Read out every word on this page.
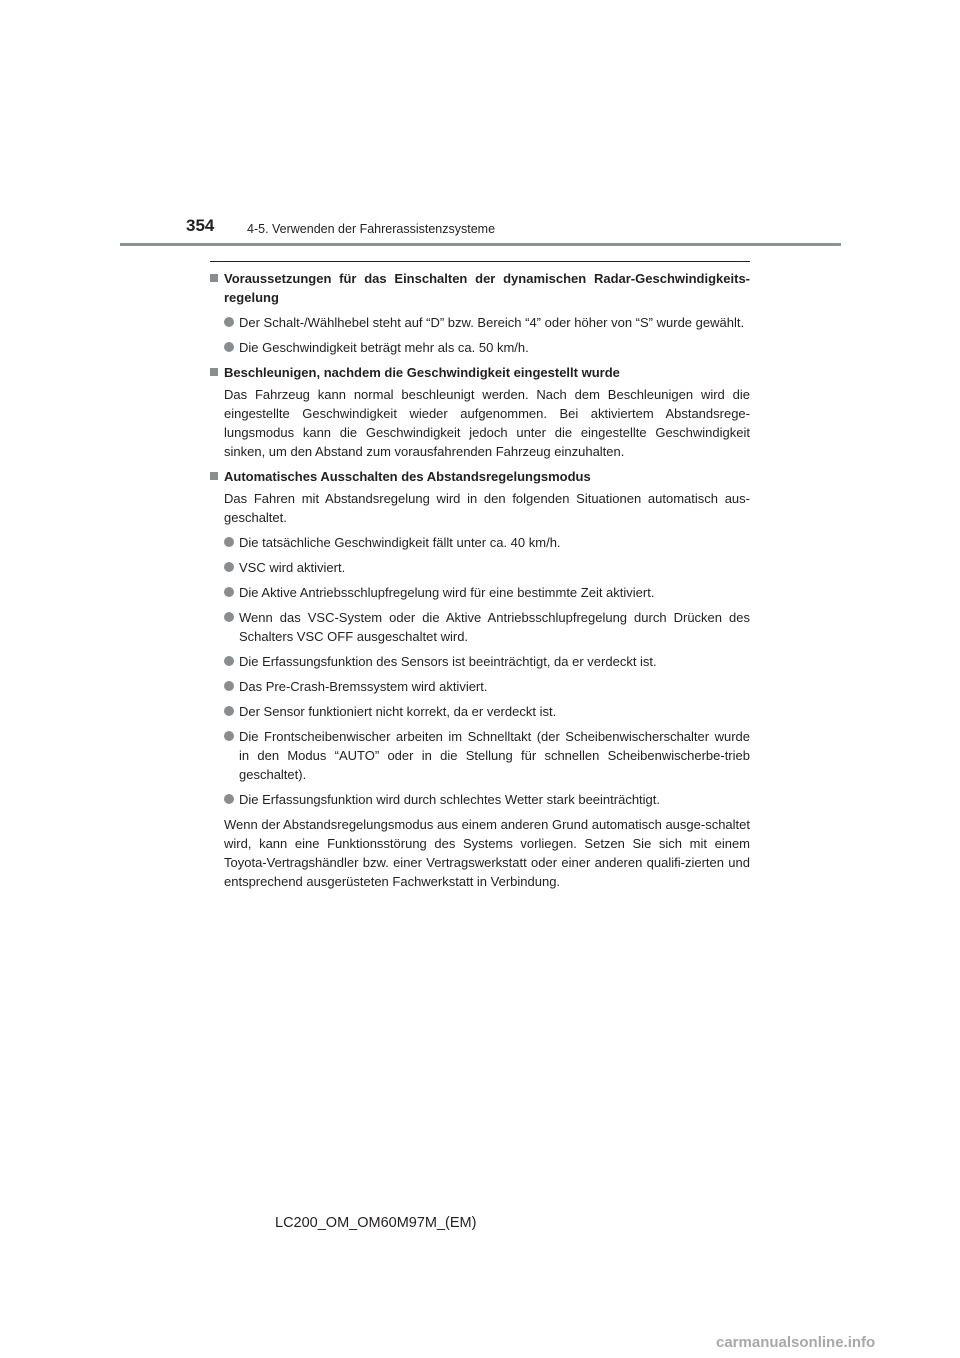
354	4-5. Verwenden der Fahrerassistenzsysteme
Voraussetzungen für das Einschalten der dynamischen Radar-Geschwindigkeits-regelung
Der Schalt-/Wählhebel steht auf “D” bzw. Bereich “4” oder höher von “S” wurde gewählt.
Die Geschwindigkeit beträgt mehr als ca. 50 km/h.
Beschleunigen, nachdem die Geschwindigkeit eingestellt wurde
Das Fahrzeug kann normal beschleunigt werden. Nach dem Beschleunigen wird die eingestellte Geschwindigkeit wieder aufgenommen. Bei aktiviertem Abstandsrege-lungsmodus kann die Geschwindigkeit jedoch unter die eingestellte Geschwindigkeit sinken, um den Abstand zum vorausfahrenden Fahrzeug einzuhalten.
Automatisches Ausschalten des Abstandsregelungsmodus
Das Fahren mit Abstandsregelung wird in den folgenden Situationen automatisch aus-geschaltet.
Die tatsächliche Geschwindigkeit fällt unter ca. 40 km/h.
VSC wird aktiviert.
Die Aktive Antriebsschlupfregelung wird für eine bestimmte Zeit aktiviert.
Wenn das VSC-System oder die Aktive Antriebsschlupfregelung durch Drücken des Schalters VSC OFF ausgeschaltet wird.
Die Erfassungsfunktion des Sensors ist beeinträchtigt, da er verdeckt ist.
Das Pre-Crash-Bremssystem wird aktiviert.
Der Sensor funktioniert nicht korrekt, da er verdeckt ist.
Die Frontscheibenwischer arbeiten im Schnelltakt (der Scheibenwischerschalter wurde in den Modus “AUTO” oder in die Stellung für schnellen Scheibenwischerbe-trieb geschaltet).
Die Erfassungsfunktion wird durch schlechtes Wetter stark beeinträchtigt.
Wenn der Abstandsregelungsmodus aus einem anderen Grund automatisch ausge-schaltet wird, kann eine Funktionsstörung des Systems vorliegen. Setzen Sie sich mit einem Toyota-Vertragshändler bzw. einer Vertragswerkstatt oder einer anderen qualifi-zierten und entsprechend ausgerüsteten Fachwerkstatt in Verbindung.
LC200_OM_OM60M97M_(EM)
carmanualsonline.info
